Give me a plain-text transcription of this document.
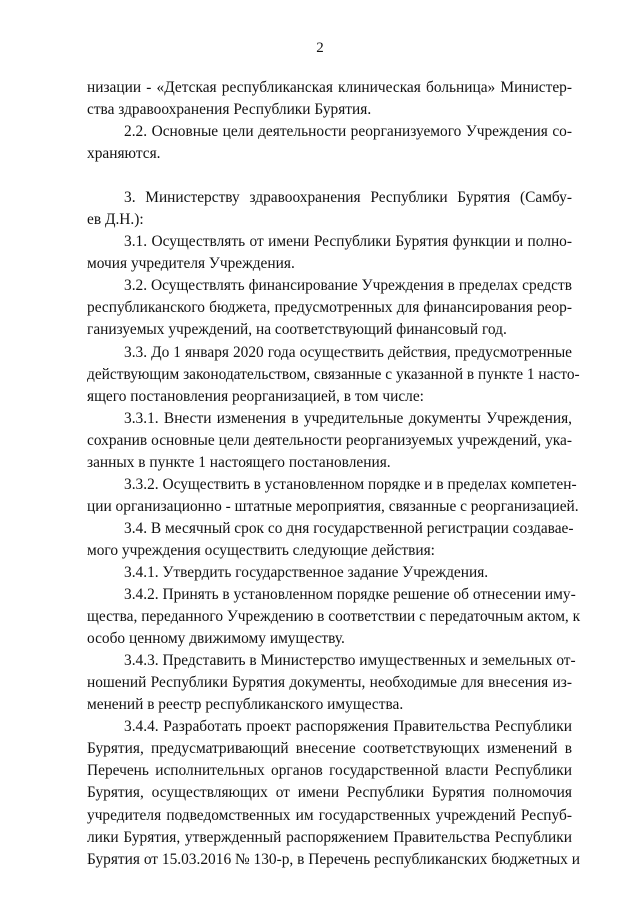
2
низации - «Детская республиканская клиническая больница» Министер-
ства здравоохранения Республики Бурятия.
2.2. Основные цели деятельности реорганизуемого Учреждения со-
храняются.
3. Министерству здравоохранения Республики Бурятия (Самбу-
ев Д.Н.):
3.1. Осуществлять от имени Республики Бурятия функции и полно-
мочия учредителя Учреждения.
3.2. Осуществлять финансирование Учреждения в пределах средств
республиканского бюджета, предусмотренных для финансирования реор-
ганизуемых учреждений, на соответствующий финансовый год.
3.3. До 1 января 2020 года осуществить действия, предусмотренные
действующим законодательством, связанные с указанной в пункте 1 насто-
ящего постановления реорганизацией, в том числе:
3.3.1. Внести изменения в учредительные документы Учреждения,
сохранив основные цели деятельности реорганизуемых учреждений, ука-
занных в пункте 1 настоящего постановления.
3.3.2. Осуществить в установленном порядке и в пределах компетен-
ции организационно - штатные мероприятия, связанные с реорганизацией.
3.4. В месячный срок со дня государственной регистрации создавае-
мого учреждения осуществить следующие действия:
3.4.1. Утвердить государственное задание Учреждения.
3.4.2. Принять в установленном порядке решение об отнесении иму-
щества, переданного Учреждению в соответствии с передаточным актом, к
особо ценному движимому имуществу.
3.4.3. Представить в Министерство имущественных и земельных от-
ношений Республики Бурятия документы, необходимые для внесения из-
менений в реестр республиканского имущества.
3.4.4. Разработать проект распоряжения Правительства Республики
Бурятия, предусматривающий внесение соответствующих изменений в
Перечень исполнительных органов государственной власти Республики
Бурятия, осуществляющих от имени Республики Бурятия полномочия
учредителя подведомственных им государственных учреждений Респуб-
лики Бурятия, утвержденный распоряжением Правительства Республики
Бурятия от 15.03.2016 № 130-р, в Перечень республиканских бюджетных и
